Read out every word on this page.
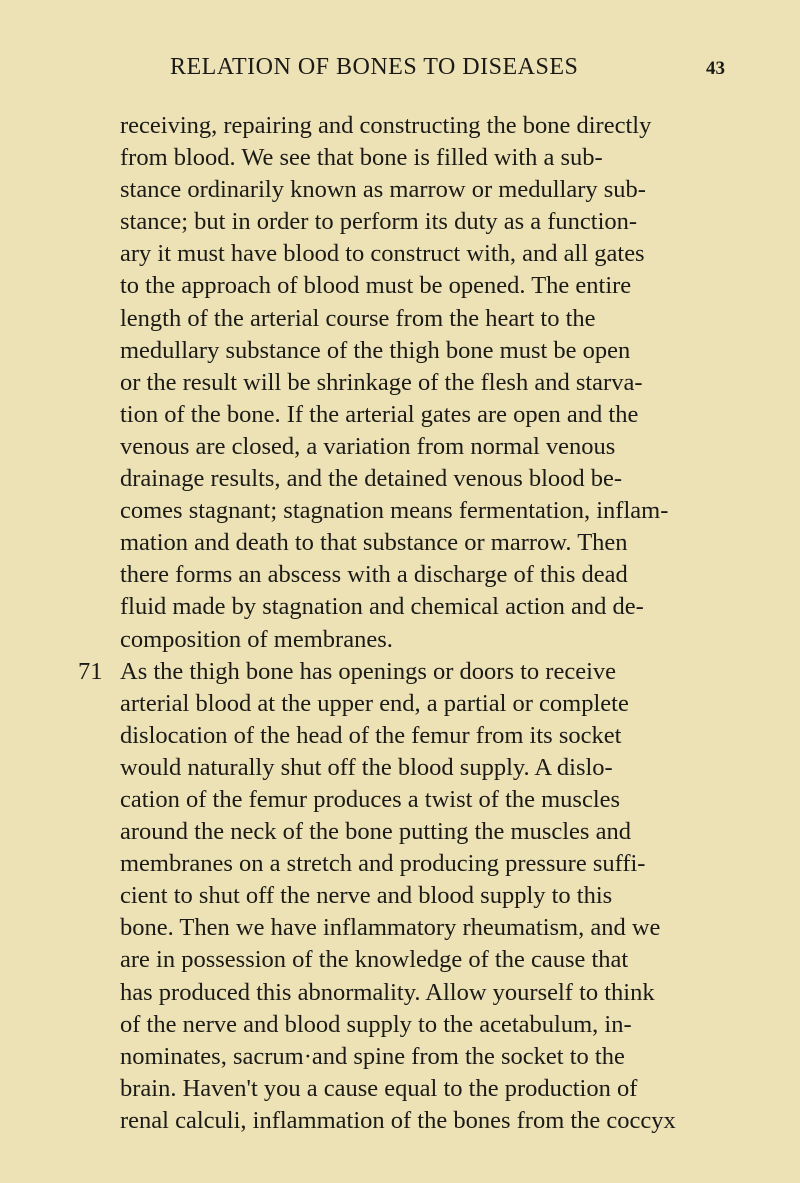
RELATION OF BONES TO DISEASES	43
receiving, repairing and constructing the bone directly
from blood. We see that bone is filled with a sub-
stance ordinarily known as marrow or medullary sub-
stance; but in order to perform its duty as a function-
ary it must have blood to construct with, and all gates
to the approach of blood must be opened. The entire
length of the arterial course from the heart to the
medullary substance of the thigh bone must be open
or the result will be shrinkage of the flesh and starva-
tion of the bone. If the arterial gates are open and the
venous are closed, a variation from normal venous
drainage results, and the detained venous blood be-
comes stagnant; stagnation means fermentation, inflam-
mation and death to that substance or marrow. Then
there forms an abscess with a discharge of this dead
fluid made by stagnation and chemical action and de-
composition of membranes.
As the thigh bone has openings or doors to receive
arterial blood at the upper end, a partial or complete
dislocation of the head of the femur from its socket
would naturally shut off the blood supply. A dislo-
cation of the femur produces a twist of the muscles
around the neck of the bone putting the muscles and
membranes on a stretch and producing pressure suffi-
cient to shut off the nerve and blood supply to this
bone. Then we have inflammatory rheumatism, and we
are in possession of the knowledge of the cause that
has produced this abnormality. Allow yourself to think
of the nerve and blood supply to the acetabulum, in-
nominates, sacrum·and spine from the socket to the
brain. Haven't you a cause equal to the production of
renal calculi, inflammation of the bones from the coccyx
71
